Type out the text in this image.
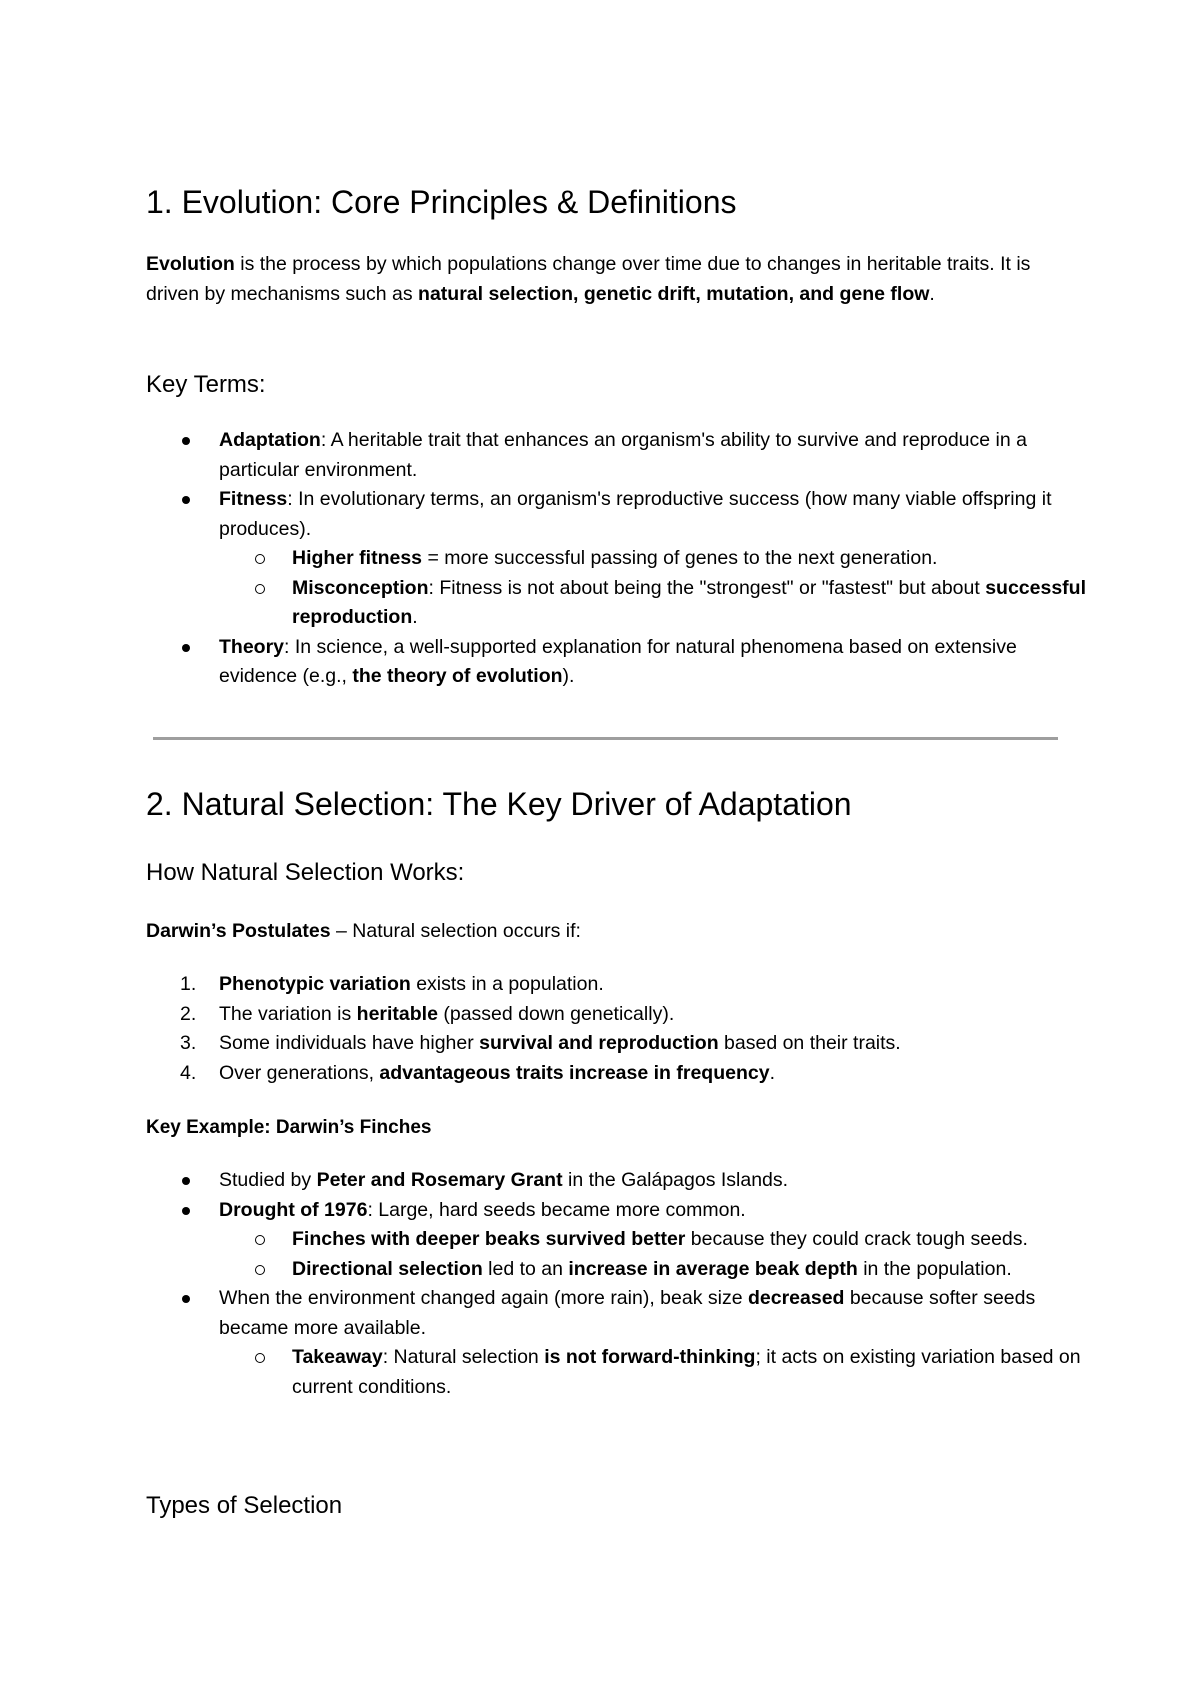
1. Evolution: Core Principles & Definitions

Evolution is the process by which populations change over time due to changes in heritable traits. It is driven by mechanisms such as natural selection, genetic drift, mutation, and gene flow.

Key Terms:
Adaptation: A heritable trait that enhances an organism's ability to survive and reproduce in a particular environment.
Fitness: In evolutionary terms, an organism's reproductive success (how many viable offspring it produces).
Higher fitness = more successful passing of genes to the next generation.
Misconception: Fitness is not about being the "strongest" or "fastest" but about successful reproduction.
Theory: In science, a well-supported explanation for natural phenomena based on extensive evidence (e.g., the theory of evolution).
2. Natural Selection: The Key Driver of Adaptation
How Natural Selection Works:

Darwin’s Postulates – Natural selection occurs if:

1.	Phenotypic variation exists in a population.
2.	The variation is heritable (passed down genetically).
3.	Some individuals have higher survival and reproduction based on their traits.
4.	Over generations, advantageous traits increase in frequency.

Key Example: Darwin’s Finches

Studied by Peter and Rosemary Grant in the Galápagos Islands.
Drought of 1976: Large, hard seeds became more common.
Finches with deeper beaks survived better because they could crack tough seeds.
Directional selection led to an increase in average beak depth in the population.
When the environment changed again (more rain), beak size decreased because softer seeds became more available.
Takeaway: Natural selection is not forward-thinking; it acts on existing variation based on current conditions.
Types of Selection
